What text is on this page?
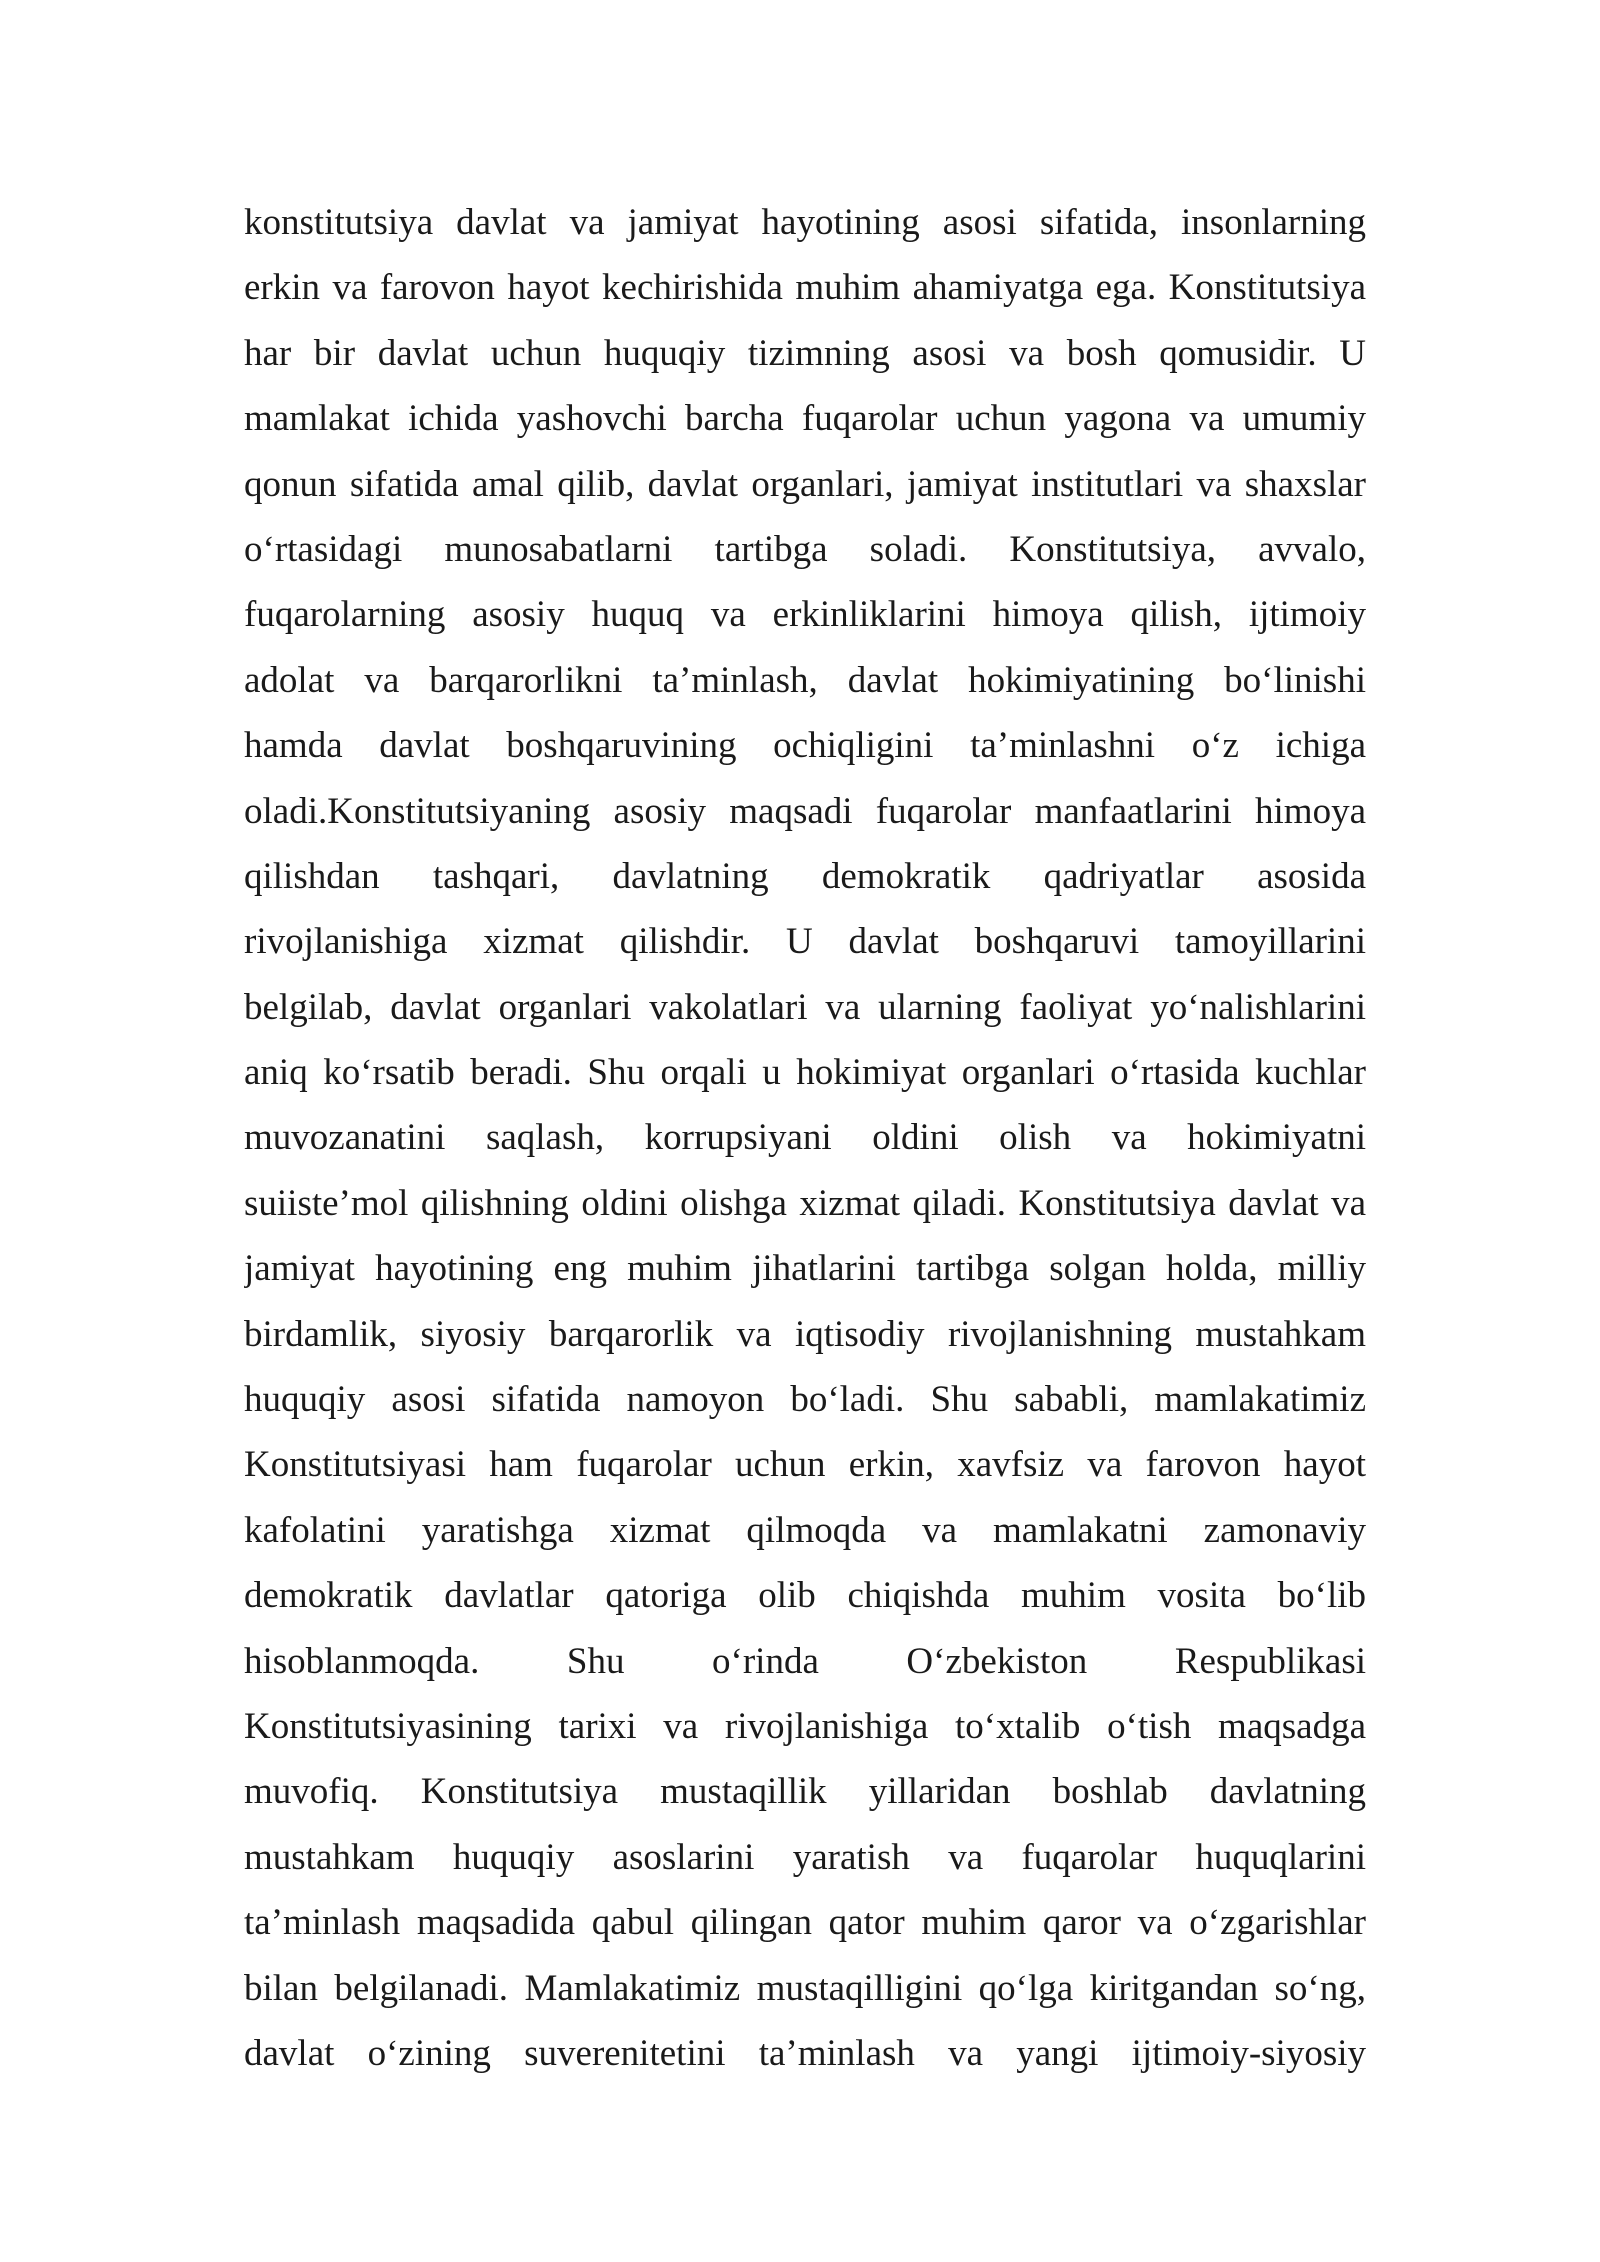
konstitutsiya davlat va jamiyat hayotining asosi sifatida, insonlarning
erkin va farovon hayot kechirishida muhim ahamiyatga ega. Konstitutsiya
har bir davlat uchun huquqiy tizimning asosi va bosh qomusidir. U
mamlakat ichida yashovchi barcha fuqarolar uchun yagona va umumiy
qonun sifatida amal qilib, davlat organlari, jamiyat institutlari va shaxslar
o‘rtasidagi munosabatlarni tartibga soladi. Konstitutsiya, avvalo,
fuqarolarning asosiy huquq va erkinliklarini himoya qilish, ijtimoiy
adolat va barqarorlikni ta’minlash, davlat hokimiyatining bo‘linishi
hamda davlat boshqaruvining ochiqligini ta’minlashni o‘z ichiga
oladi.Konstitutsiyaning asosiy maqsadi fuqarolar manfaatlarini himoya
qilishdan tashqari, davlatning demokratik qadriyatlar asosida
rivojlanishiga xizmat qilishdir. U davlat boshqaruvi tamoyillarini
belgilab, davlat organlari vakolatlari va ularning faoliyat yo‘nalishlarini
aniq ko‘rsatib beradi. Shu orqali u hokimiyat organlari o‘rtasida kuchlar
muvozanatini saqlash, korrupsiyani oldini olish va hokimiyatni
suiiste’mol qilishning oldini olishga xizmat qiladi. Konstitutsiya davlat va
jamiyat hayotining eng muhim jihatlarini tartibga solgan holda, milliy
birdamlik, siyosiy barqarorlik va iqtisodiy rivojlanishning mustahkam
huquqiy asosi sifatida namoyon bo‘ladi. Shu sababli, mamlakatimiz
Konstitutsiyasi ham fuqarolar uchun erkin, xavfsiz va farovon hayot
kafolatini yaratishga xizmat qilmoqda va mamlakatni zamonaviy
demokratik davlatlar qatoriga olib chiqishda muhim vosita bo‘lib
hisoblanmoqda. Shu o‘rinda O‘zbekiston Respublikasi
Konstitutsiyasining tarixi va rivojlanishiga to‘xtalib o‘tish maqsadga
muvofiq. Konstitutsiya mustaqillik yillaridan boshlab davlatning
mustahkam huquqiy asoslarini yaratish va fuqarolar huquqlarini
ta’minlash maqsadida qabul qilingan qator muhim qaror va o‘zgarishlar
bilan belgilanadi. Mamlakatimiz mustaqilligini qo‘lga kiritgandan so‘ng,
davlat o‘zining suverenitetini ta’minlash va yangi ijtimoiy-siyosiy
